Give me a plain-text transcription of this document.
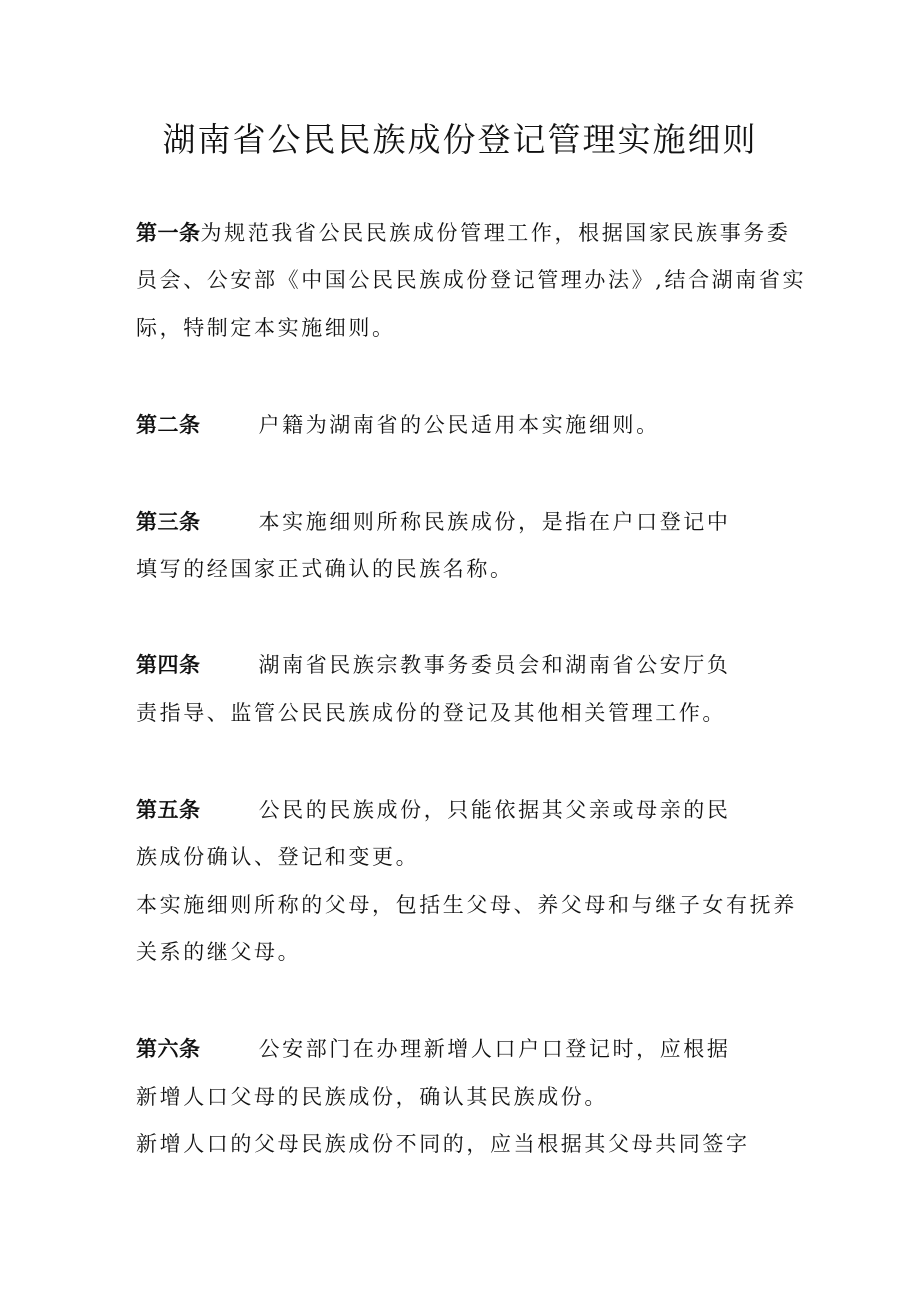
湖南省公民民族成份登记管理实施细则
第一条为规范我省公民民族成份管理工作，根据国家民族事务委
员会、公安部《中国公民民族成份登记管理办法》,结合湖南省实
际，特制定本实施细则。
第二条	户籍为湖南省的公民适用本实施细则。
第三条	本实施细则所称民族成份，是指在户口登记中
填写的经国家正式确认的民族名称。
第四条	湖南省民族宗教事务委员会和湖南省公安厅负
责指导、监管公民民族成份的登记及其他相关管理工作。
第五条	公民的民族成份，只能依据其父亲或母亲的民
族成份确认、登记和变更。
本实施细则所称的父母，包括生父母、养父母和与继子女有抚养
关系的继父母。
第六条	公安部门在办理新增人口户口登记时，应根据
新增人口父母的民族成份，确认其民族成份。
新增人口的父母民族成份不同的，应当根据其父母共同签字
